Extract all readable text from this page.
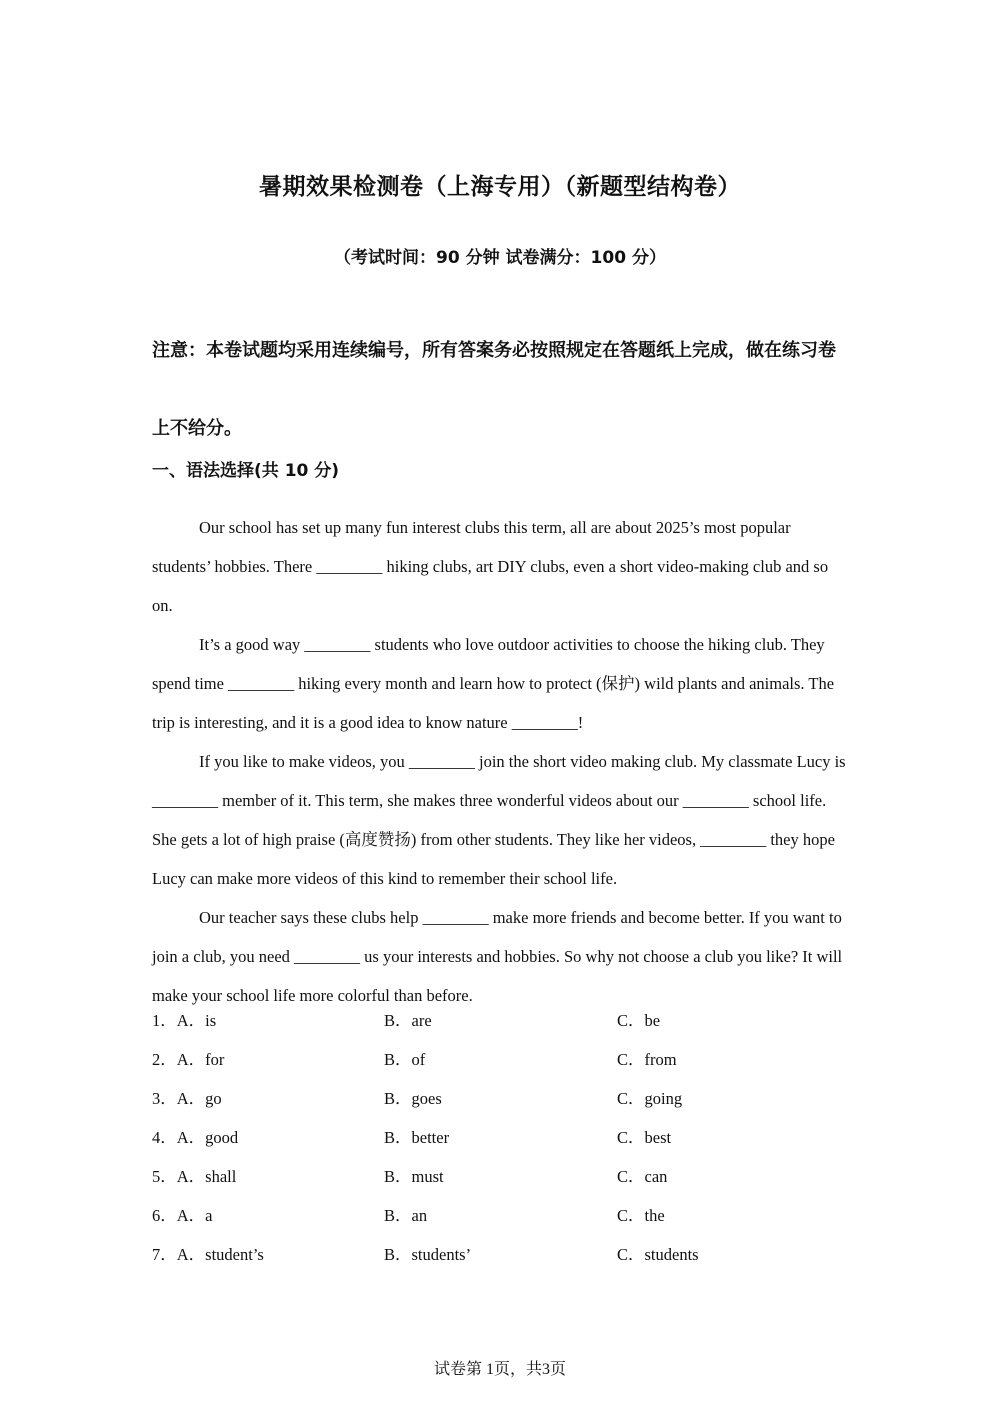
暑期效果检测卷（上海专用）（新题型结构卷）
（考试时间：90 分钟 试卷满分：100 分）

注意：本卷试题均采用连续编号，所有答案务必按照规定在答题纸上完成，做在练习卷上不给分。

一、语法选择(共 10 分)

Our school has set up many fun interest clubs this term, all are about 2025’s most popular students’ hobbies. There ________ hiking clubs, art DIY clubs, even a short video-making club and so on.

It’s a good way ________ students who love outdoor activities to choose the hiking club. They spend time ________ hiking every month and learn how to protect (保护) wild plants and animals. The trip is interesting, and it is a good idea to know nature ________!

If you like to make videos, you ________ join the short video making club. My classmate Lucy is ________ member of it. This term, she makes three wonderful videos about our ________ school life. She gets a lot of high praise (高度赞扬) from other students. They like her videos, ________ they hope Lucy can make more videos of this kind to remember their school life.

Our teacher says these clubs help ________ make more friends and become better. If you want to join a club, you need ________ us your interests and hobbies. So why not choose a club you like? It will make your school life more colorful than before.

1．A．is	B．are	C．be
2．A．for	B．of	C．from
3．A．go	B．goes	C．going
4．A．good	B．better	C．best
5．A．shall	B．must	C．can
6．A．a	B．an	C．the
7．A．student’s	B．students’	C．students
试卷第 1页，共3页
